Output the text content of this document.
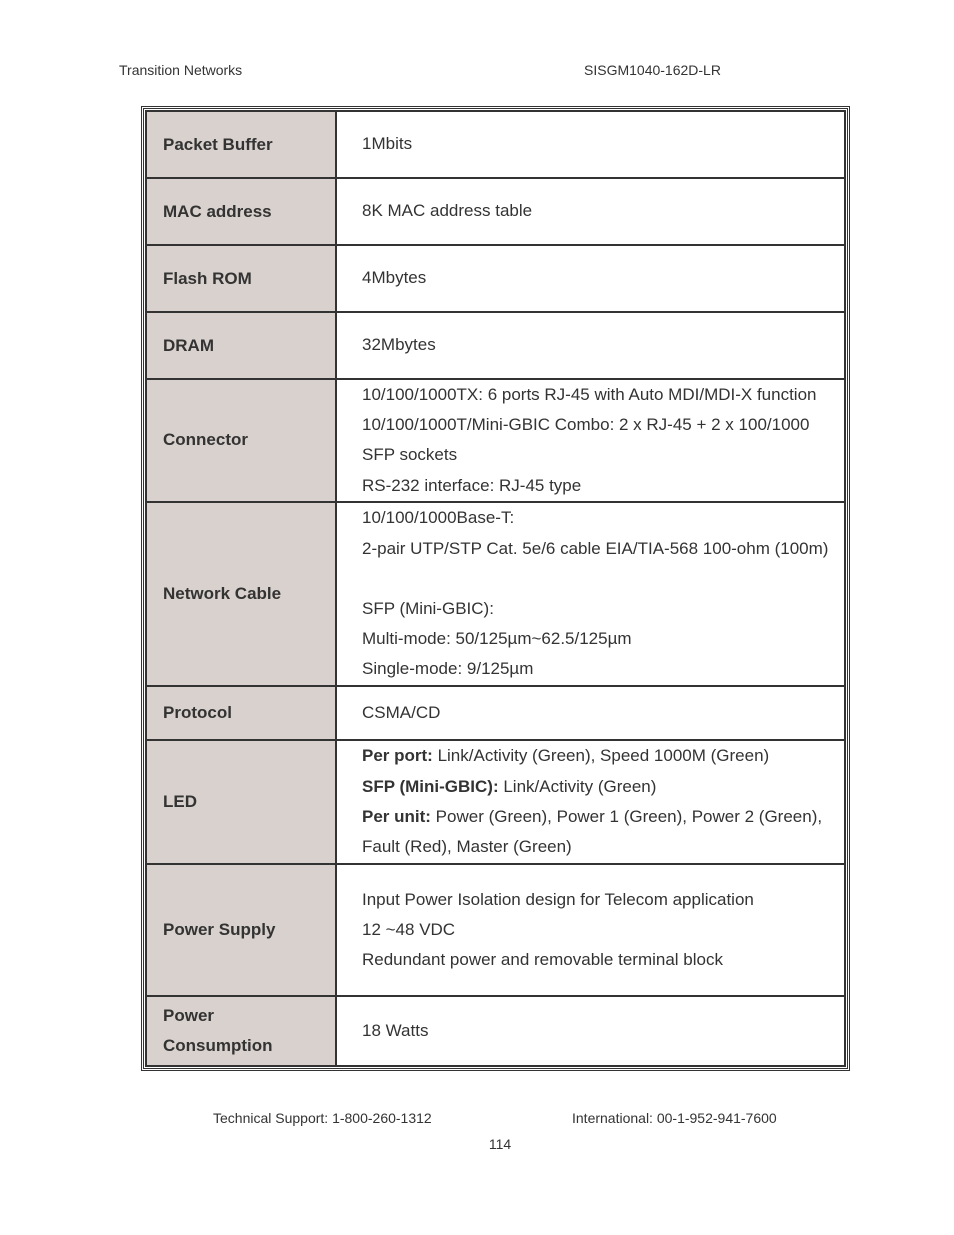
Transition Networks	SISGM1040-162D-LR
Packet Buffer	1Mbits
MAC address	8K MAC address table
Flash ROM	4Mbytes
DRAM	32Mbytes
Connector	10/100/1000TX: 6 ports RJ-45 with Auto MDI/MDI-X function
10/100/1000T/Mini-GBIC Combo: 2 x RJ-45 + 2 x 100/1000
SFP sockets
RS-232 interface: RJ-45 type

Network Cable	10/100/1000Base-T:
2-pair UTP/STP Cat. 5e/6 cable EIA/TIA-568 100-ohm (100m)
SFP (Mini-GBIC):
Multi-mode: 50/125µm~62.5/125µm
Single-mode: 9/125µm

Protocol	CSMA/CD
LED	Per port: Link/Activity (Green), Speed 1000M (Green)
SFP (Mini-GBIC): Link/Activity (Green)
Per unit: Power (Green), Power 1 (Green), Power 2 (Green),
Fault (Red), Master (Green)

Power Supply	Input Power Isolation design for Telecom application
12 ~48 VDC
Redundant power and removable terminal block

Power
Consumption	18 Watts
Technical Support: 1-800-260-1312	International: 00-1-952-941-7600
114
